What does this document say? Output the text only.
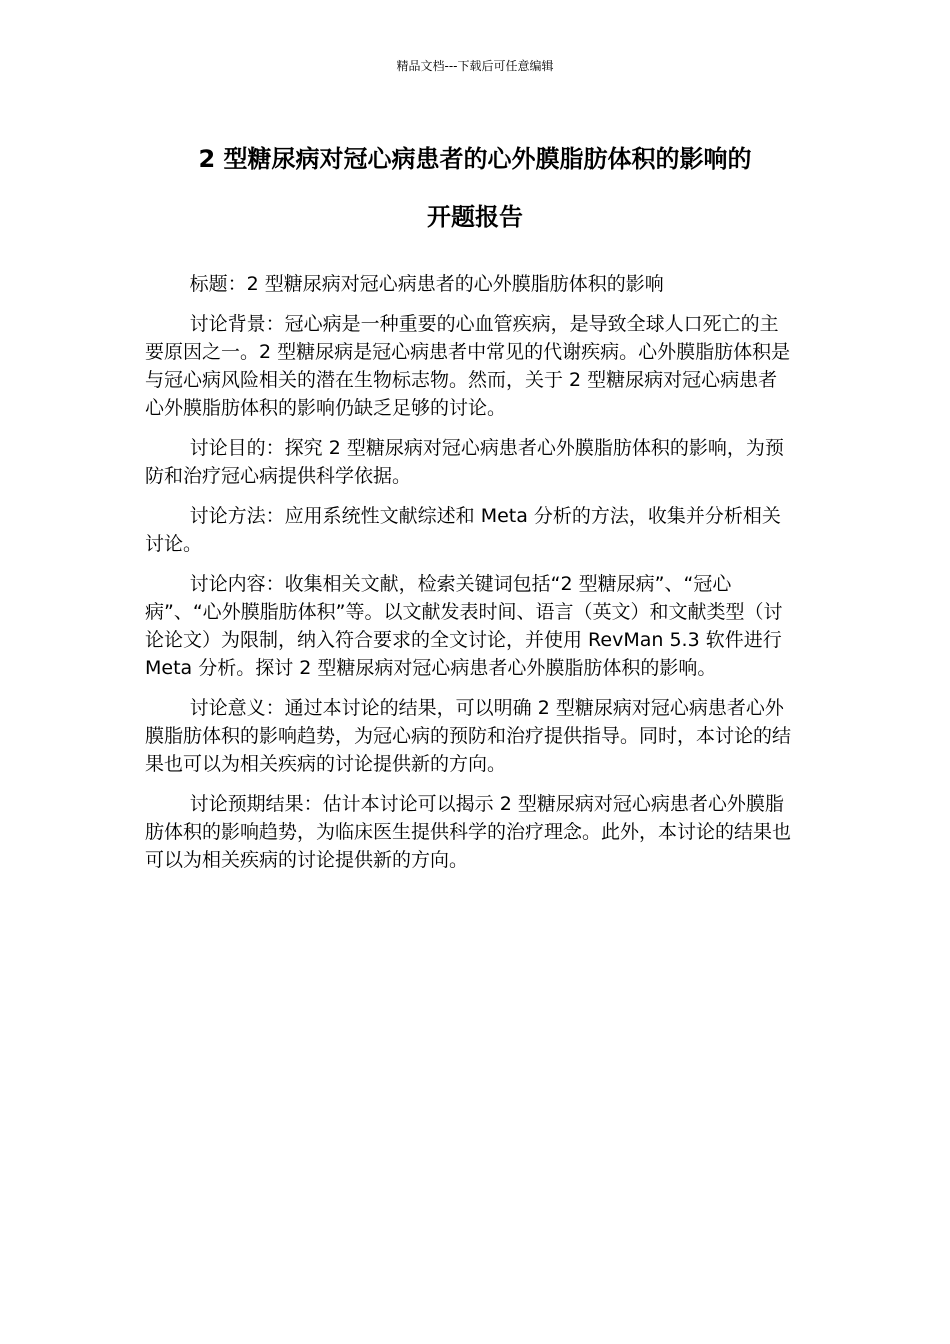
精品文档---下载后可任意编辑
2 型糖尿病对冠心病患者的心外膜脂肪体积的影响的
开题报告

标题：2 型糖尿病对冠心病患者的心外膜脂肪体积的影响

讨论背景：冠心病是一种重要的心血管疾病，是导致全球人口死亡的主要原因之一。2 型糖尿病是冠心病患者中常见的代谢疾病。心外膜脂肪体积是与冠心病风险相关的潜在生物标志物。然而，关于 2 型糖尿病对冠心病患者心外膜脂肪体积的影响仍缺乏足够的讨论。

讨论目的：探究 2 型糖尿病对冠心病患者心外膜脂肪体积的影响，为预防和治疗冠心病提供科学依据。

讨论方法：应用系统性文献综述和 Meta 分析的方法，收集并分析相关讨论。

讨论内容：收集相关文献，检索关键词包括“2 型糖尿病”、“冠心病”、“心外膜脂肪体积”等。以文献发表时间、语言（英文）和文献类型（讨论论文）为限制，纳入符合要求的全文讨论，并使用 RevMan 5.3 软件进行 Meta 分析。探讨 2 型糖尿病对冠心病患者心外膜脂肪体积的影响。

讨论意义：通过本讨论的结果，可以明确 2 型糖尿病对冠心病患者心外膜脂肪体积的影响趋势，为冠心病的预防和治疗提供指导。同时，本讨论的结果也可以为相关疾病的讨论提供新的方向。

讨论预期结果：估计本讨论可以揭示 2 型糖尿病对冠心病患者心外膜脂肪体积的影响趋势，为临床医生提供科学的治疗理念。此外，本讨论的结果也可以为相关疾病的讨论提供新的方向。
